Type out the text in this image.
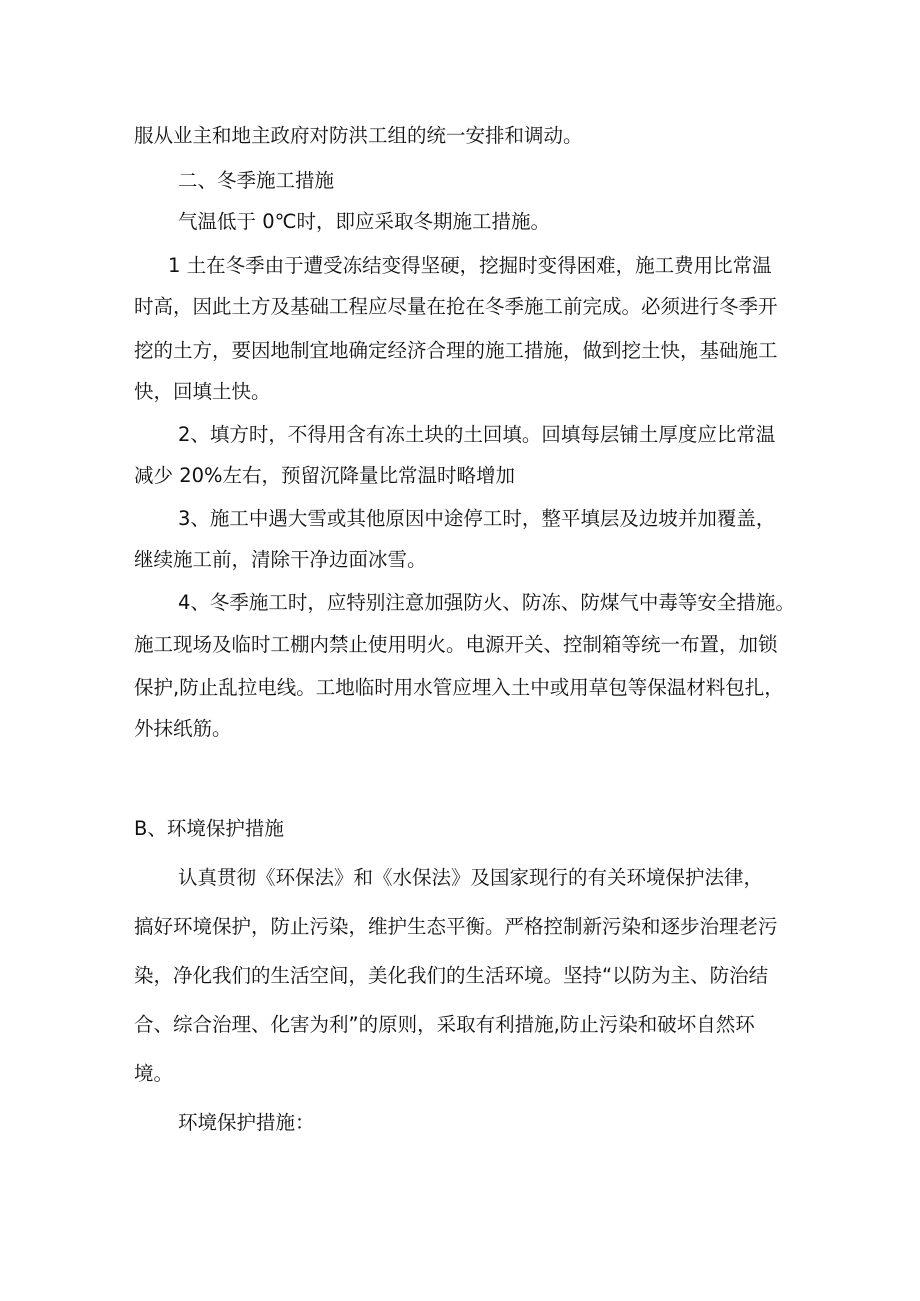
服从业主和地主政府对防洪工组的统一安排和调动。
二、冬季施工措施
气温低于 0℃时，即应采取冬期施工措施。
1 土在冬季由于遭受冻结变得坚硬，挖掘时变得困难，施工费用比常温
时高，因此土方及基础工程应尽量在抢在冬季施工前完成。必须进行冬季开
挖的土方，要因地制宜地确定经济合理的施工措施，做到挖土快，基础施工
快，回填土快。
2、填方时，不得用含有冻土块的土回填。回填每层铺土厚度应比常温
减少 20%左右，预留沉降量比常温时略增加
3、施工中遇大雪或其他原因中途停工时，整平填层及边坡并加覆盖，
继续施工前，清除干净边面冰雪。
4、冬季施工时，应特别注意加强防火、防冻、防煤气中毒等安全措施。
施工现场及临时工棚内禁止使用明火。电源开关、控制箱等统一布置，加锁
保护,防止乱拉电线。工地临时用水管应埋入土中或用草包等保温材料包扎，
外抹纸筋。
B、环境保护措施
认真贯彻《环保法》和《水保法》及国家现行的有关环境保护法律，
搞好环境保护，防止污染，维护生态平衡。严格控制新污染和逐步治理老污
染，净化我们的生活空间，美化我们的生活环境。坚持“以防为主、防治结
合、综合治理、化害为利”的原则，采取有利措施,防止污染和破坏自然环
境。
环境保护措施：
